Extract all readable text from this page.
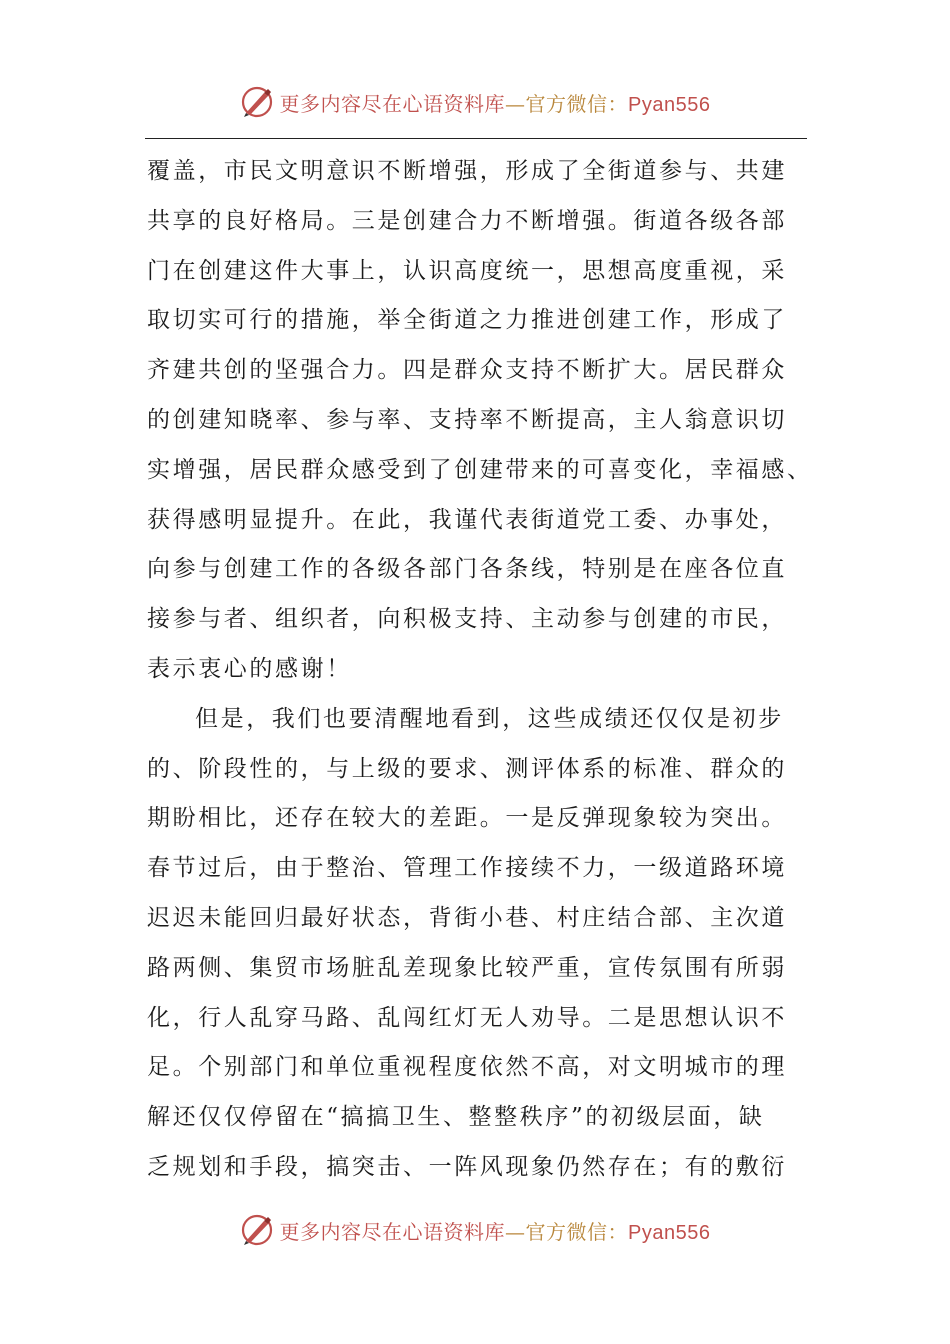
更多内容尽在心语资料库—官方微信：Pyan556
覆盖，市民文明意识不断增强，形成了全街道参与、共建
共享的良好格局。三是创建合力不断增强。街道各级各部
门在创建这件大事上，认识高度统一，思想高度重视，采
取切实可行的措施，举全街道之力推进创建工作，形成了
齐建共创的坚强合力。四是群众支持不断扩大。居民群众
的创建知晓率、参与率、支持率不断提高，主人翁意识切
实增强，居民群众感受到了创建带来的可喜变化，幸福感、
获得感明显提升。在此，我谨代表街道党工委、办事处，
向参与创建工作的各级各部门各条线，特别是在座各位直
接参与者、组织者，向积极支持、主动参与创建的市民，
表示衷心的感谢！
但是，我们也要清醒地看到，这些成绩还仅仅是初步
的、阶段性的，与上级的要求、测评体系的标准、群众的
期盼相比，还存在较大的差距。一是反弹现象较为突出。
春节过后，由于整治、管理工作接续不力，一级道路环境
迟迟未能回归最好状态，背街小巷、村庄结合部、主次道
路两侧、集贸市场脏乱差现象比较严重，宣传氛围有所弱
化，行人乱穿马路、乱闯红灯无人劝导。二是思想认识不
足。个别部门和单位重视程度依然不高，对文明城市的理
解还仅仅停留在“搞搞卫生、整整秩序”的初级层面，缺
乏规划和手段，搞突击、一阵风现象仍然存在；有的敷衍
更多内容尽在心语资料库—官方微信：Pyan556
